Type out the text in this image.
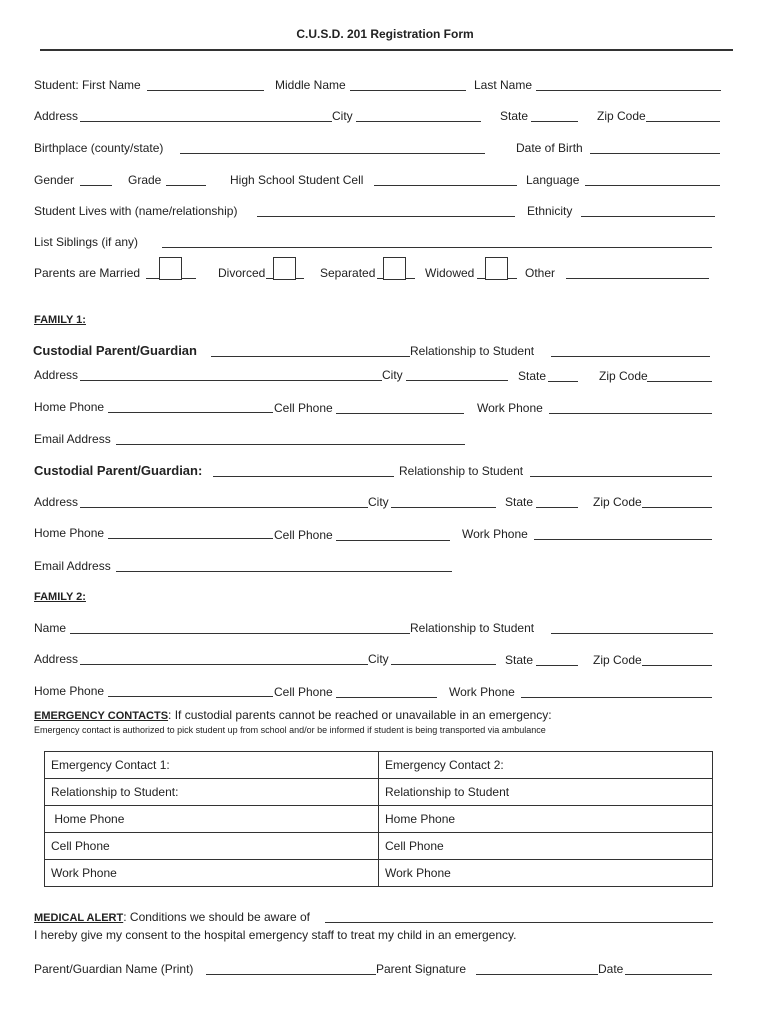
C.U.S.D. 201 Registration Form
Student: First Name	Middle Name	Last Name
Address	City	State	Zip Code
Birthplace (county/state)	Date of Birth
Gender	Grade	High School Student Cell	Language
Student Lives with (name/relationship)	Ethnicity
List Siblings (if any)
Parents are Married	Divorced	Separated	Widowed	Other
FAMILY 1:
Custodial Parent/Guardian	Relationship to Student
Address	City	State	Zip Code
Home Phone	Cell Phone	Work Phone
Email Address
Custodial Parent/Guardian:	Relationship to Student
Address	City	State	Zip Code
Home Phone	Cell Phone	Work Phone
Email Address
FAMILY 2:
Name	Relationship to Student
Address	City	State	Zip Code
Home Phone	Cell Phone	Work Phone
EMERGENCY CONTACTS: If custodial parents cannot be reached or unavailable in an emergency:
Emergency contact is authorized to pick student up from school and/or be informed if student is being transported via ambulance
Emergency Contact 1:	Emergency Contact 2:
Relationship to Student:	Relationship to Student
Home Phone	Home Phone
Cell Phone	Cell Phone
Work Phone	Work Phone
MEDICAL ALERT: Conditions we should be aware of
I hereby give my consent to the hospital emergency staff to treat my child in an emergency.
Parent/Guardian Name (Print)	Parent Signature	Date
